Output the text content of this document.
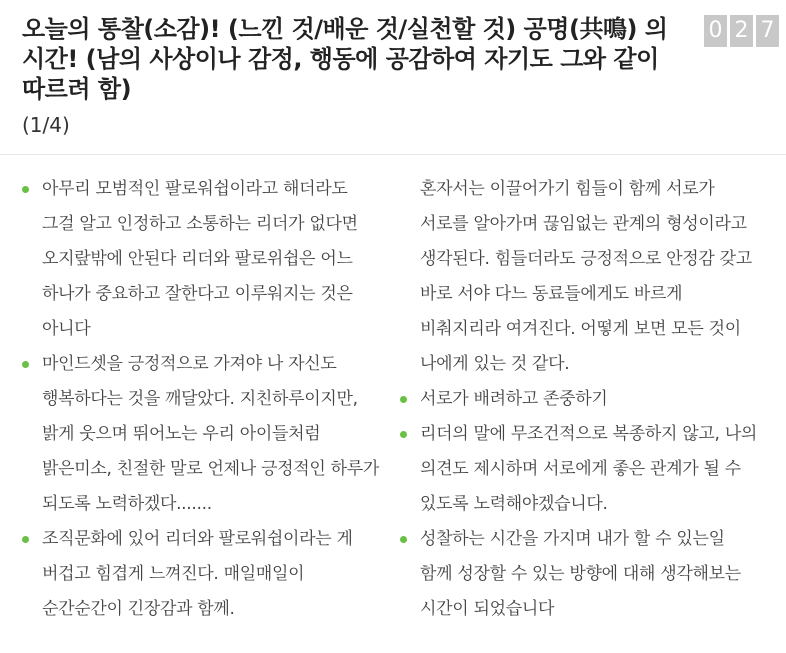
오늘의 통찰(소감)! (느낀 것/배운 것/실천할 것) 공명(共鳴) 의 시간! (남의 사상이나 감정, 행동에 공감하여 자기도 그와 같이 따르려 함)
(1/4)
0 2 7
아무리 모범적인 팔로워쉽이라고 해더라도 그걸 알고 인정하고 소통하는 리더가 없다면 오지랖밖에 안된다 리더와 팔로위쉽은 어느 하나가 중요하고 잘한다고 이루워지는 것은 아니다
마인드셋을 긍정적으로 가져야 나 자신도 행복하다는 것을 깨달았다. 지친하루이지만, 밝게 웃으며 뛰어노는 우리 아이들처럼 밝은미소, 친절한 말로 언제나 긍정적인 하루가 되도록 노력하겠다.......
조직문화에 있어 리더와 팔로워쉽이라는 게 버겁고 힘겹게 느껴진다. 매일매일이 순간순간이 긴장감과 함께.
혼자서는 이끌어가기 힘들이 함께 서로가 서로를 알아가며 끊임없는 관계의 형성이라고 생각된다. 힘들더라도 긍정적으로 안정감 갖고 바로 서야 다느 동료들에게도 바르게 비춰지리라 여겨진다. 어떻게 보면 모든 것이 나에게 있는 것 같다.
서로가 배려하고 존중하기
리더의 말에 무조건적으로 복종하지 않고, 나의 의견도 제시하며 서로에게 좋은 관계가 될 수 있도록 노력해야겠습니다.
성찰하는 시간을 가지며 내가 할 수 있는일 함께 성장할 수 있는 방향에 대해 생각해보는 시간이 되었습니다
